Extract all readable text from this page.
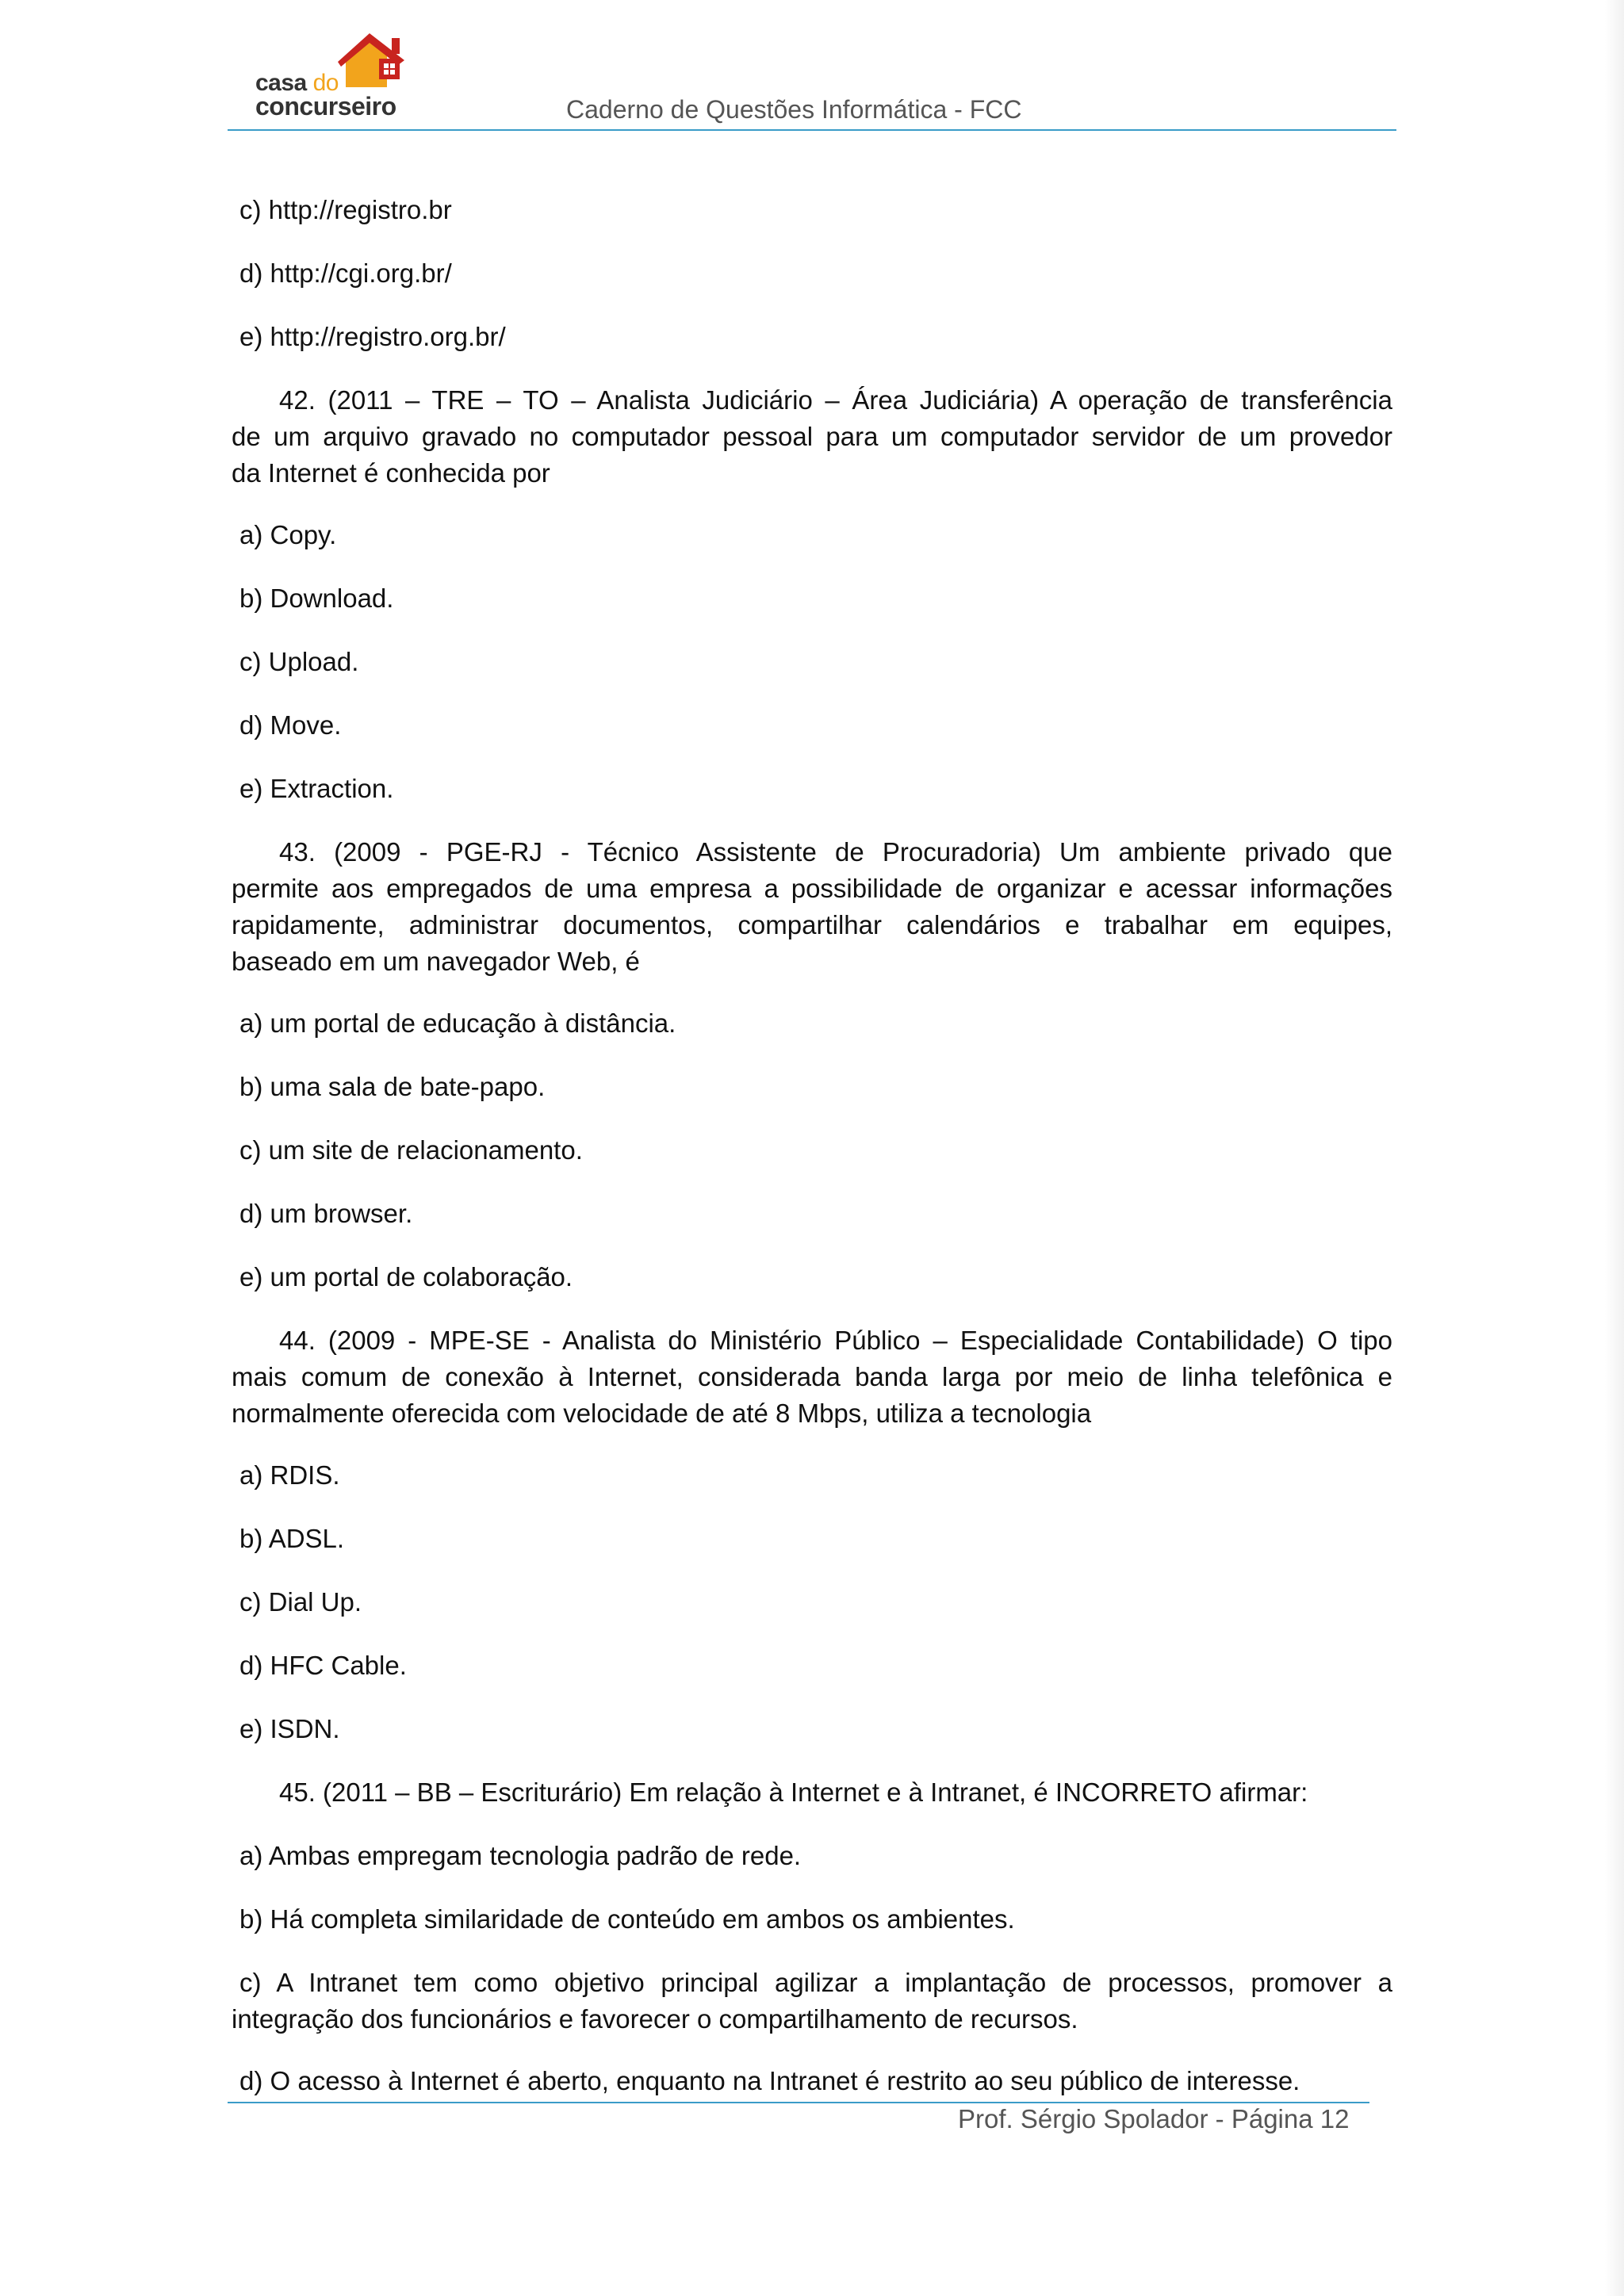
casa do
concurseiro	Caderno de Questões Informática - FCC
c) http://registro.br
d) http://cgi.org.br/
e) http://registro.org.br/
42. (2011 – TRE – TO – Analista Judiciário – Área Judiciária) A operação de transferência
de um arquivo gravado no computador pessoal para um computador servidor de um provedor
da Internet é conhecida por
a) Copy.
b) Download.
c) Upload.
d) Move.
e) Extraction.
43. (2009 - PGE-RJ - Técnico Assistente de Procuradoria) Um ambiente privado que
permite aos empregados de uma empresa a possibilidade de organizar e acessar informações
rapidamente, administrar documentos, compartilhar calendários e trabalhar em equipes,
baseado em um navegador Web, é
a) um portal de educação à distância.
b) uma sala de bate-papo.
c) um site de relacionamento.
d) um browser.
e) um portal de colaboração.
44. (2009 - MPE-SE - Analista do Ministério Público – Especialidade Contabilidade) O tipo
mais comum de conexão à Internet, considerada banda larga por meio de linha telefônica e
normalmente oferecida com velocidade de até 8 Mbps, utiliza a tecnologia
a) RDIS.
b) ADSL.
c) Dial Up.
d) HFC Cable.
e) ISDN.
45. (2011 – BB – Escriturário) Em relação à Internet e à Intranet, é INCORRETO afirmar:
a) Ambas empregam tecnologia padrão de rede.
b) Há completa similaridade de conteúdo em ambos os ambientes.
c) A Intranet tem como objetivo principal agilizar a implantação de processos, promover a
integração dos funcionários e favorecer o compartilhamento de recursos.
d) O acesso à Internet é aberto, enquanto na Intranet é restrito ao seu público de interesse.
Prof. Sérgio Spolador - Página 12
